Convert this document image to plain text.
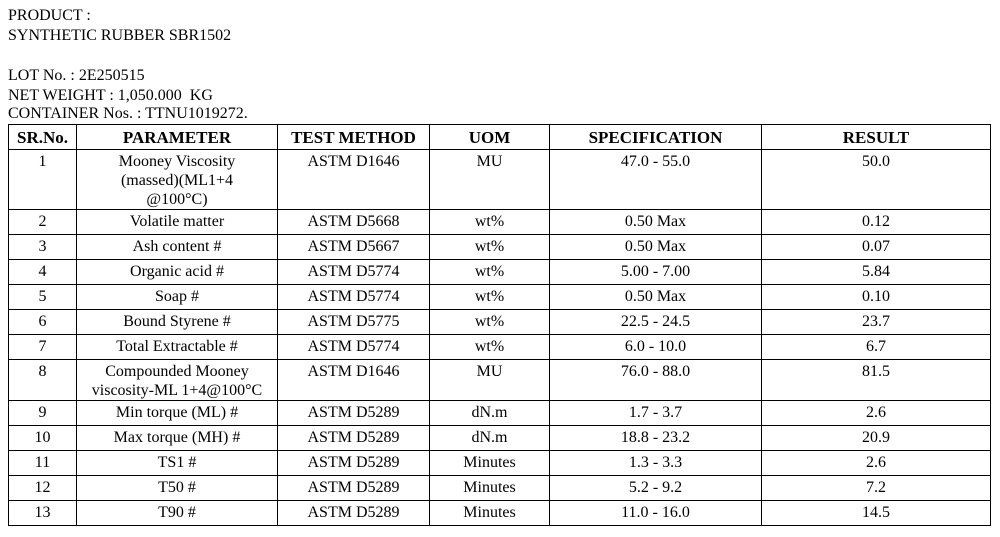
PRODUCT :
SYNTHETIC RUBBER SBR1502
LOT No. : 2E250515
NET WEIGHT : 1,050.000  KG
CONTAINER Nos. : TTNU1019272.
SR.No.	PARAMETER	TEST METHOD	UOM	SPECIFICATION	RESULT
1	Mooney Viscosity
(massed)(ML1+4
@100°C)	ASTM D1646	MU	47.0 - 55.0	50.0
2	Volatile matter	ASTM D5668	wt%	0.50 Max	0.12
3	Ash content #	ASTM D5667	wt%	0.50 Max	0.07
4	Organic acid #	ASTM D5774	wt%	5.00 - 7.00	5.84
5	Soap #	ASTM D5774	wt%	0.50 Max	0.10
6	Bound Styrene #	ASTM D5775	wt%	22.5 - 24.5	23.7
7	Total Extractable #	ASTM D5774	wt%	6.0 - 10.0	6.7
8	Compounded Mooney
viscosity-ML 1+4@100°C	ASTM D1646	MU	76.0 - 88.0	81.5
9	Min torque (ML) #	ASTM D5289	dN.m	1.7 - 3.7	2.6
10	Max torque (MH) #	ASTM D5289	dN.m	18.8 - 23.2	20.9
11	TS1 #	ASTM D5289	Minutes	1.3 - 3.3	2.6
12	T50 #	ASTM D5289	Minutes	5.2 - 9.2	7.2
13	T90 #	ASTM D5289	Minutes	11.0 - 16.0	14.5
